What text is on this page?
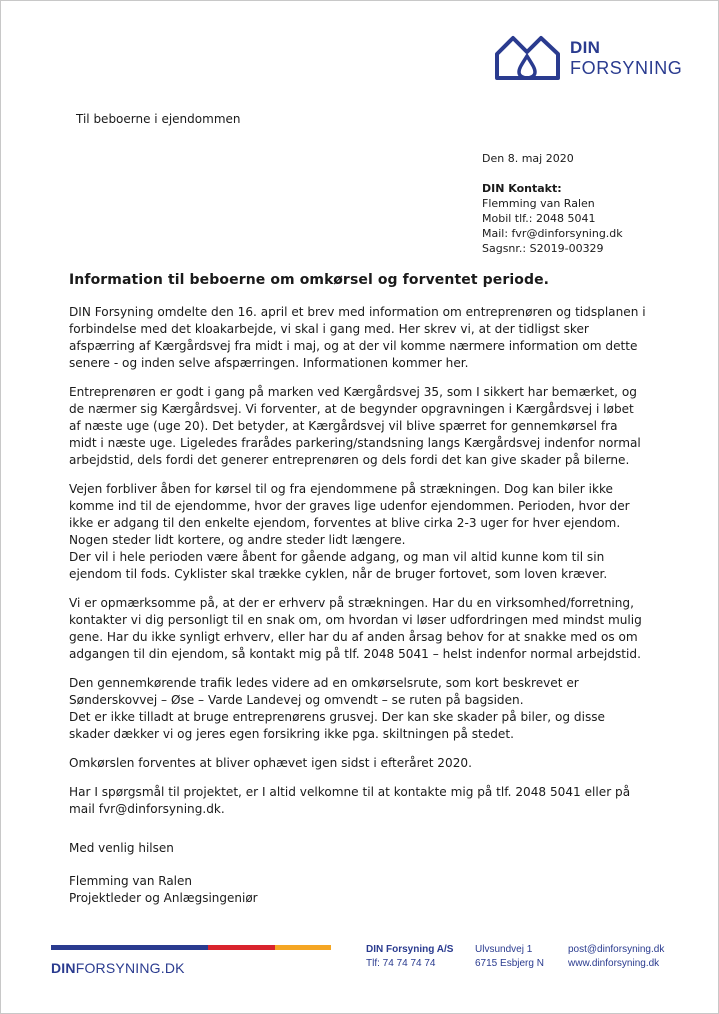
DIN
FORSYNING
Til beboerne i ejendommen
Den 8. maj 2020
DIN Kontakt:
Flemming van Ralen
Mobil tlf.: 2048 5041
Mail: fvr@dinforsyning.dk
Sagsnr.: S2019-00329
Information til beboerne om omkørsel og forventet periode.

DIN Forsyning omdelte den 16. april et brev med information om entreprenøren og tidsplanen i
forbindelse med det kloakarbejde, vi skal i gang med. Her skrev vi, at der tidligst sker
afspærring af Kærgårdsvej fra midt i maj, og at der vil komme nærmere information om dette
senere - og inden selve afspærringen. Informationen kommer her.

Entreprenøren er godt i gang på marken ved Kærgårdsvej 35, som I sikkert har bemærket, og
de nærmer sig Kærgårdsvej. Vi forventer, at de begynder opgravningen i Kærgårdsvej i løbet
af næste uge (uge 20). Det betyder, at Kærgårdsvej vil blive spærret for gennemkørsel fra
midt i næste uge. Ligeledes frarådes parkering/standsning langs Kærgårdsvej indenfor normal
arbejdstid, dels fordi det generer entreprenøren og dels fordi det kan give skader på bilerne.

Vejen forbliver åben for kørsel til og fra ejendommene på strækningen. Dog kan biler ikke
komme ind til de ejendomme, hvor der graves lige udenfor ejendommen. Perioden, hvor der
ikke er adgang til den enkelte ejendom, forventes at blive cirka 2-3 uger for hver ejendom.
Nogen steder lidt kortere, og andre steder lidt længere.
Der vil i hele perioden være åbent for gående adgang, og man vil altid kunne kom til sin
ejendom til fods. Cyklister skal trække cyklen, når de bruger fortovet, som loven kræver.

Vi er opmærksomme på, at der er erhverv på strækningen. Har du en virksomhed/forretning,
kontakter vi dig personligt til en snak om, om hvordan vi løser udfordringen med mindst mulig
gene. Har du ikke synligt erhverv, eller har du af anden årsag behov for at snakke med os om
adgangen til din ejendom, så kontakt mig på tlf. 2048 5041 – helst indenfor normal arbejdstid.

Den gennemkørende trafik ledes videre ad en omkørselsrute, som kort beskrevet er
Sønderskovvej – Øse – Varde Landevej og omvendt – se ruten på bagsiden.
Det er ikke tilladt at bruge entreprenørens grusvej. Der kan ske skader på biler, og disse
skader dækker vi og jeres egen forsikring ikke pga. skiltningen på stedet.

Omkørslen forventes at bliver ophævet igen sidst i efteråret 2020.

Har I spørgsmål til projektet, er I altid velkomne til at kontakte mig på tlf. 2048 5041 eller på
mail fvr@dinforsyning.dk.

Med venlig hilsen
Flemming van Ralen
Projektleder og Anlægsingeniør
DINFORSYNING.DK
DIN Forsyning A/S
Tlf: 74 74 74 74
Ulvsundvej 1
6715 Esbjerg N
post@dinforsyning.dk
www.dinforsyning.dk
